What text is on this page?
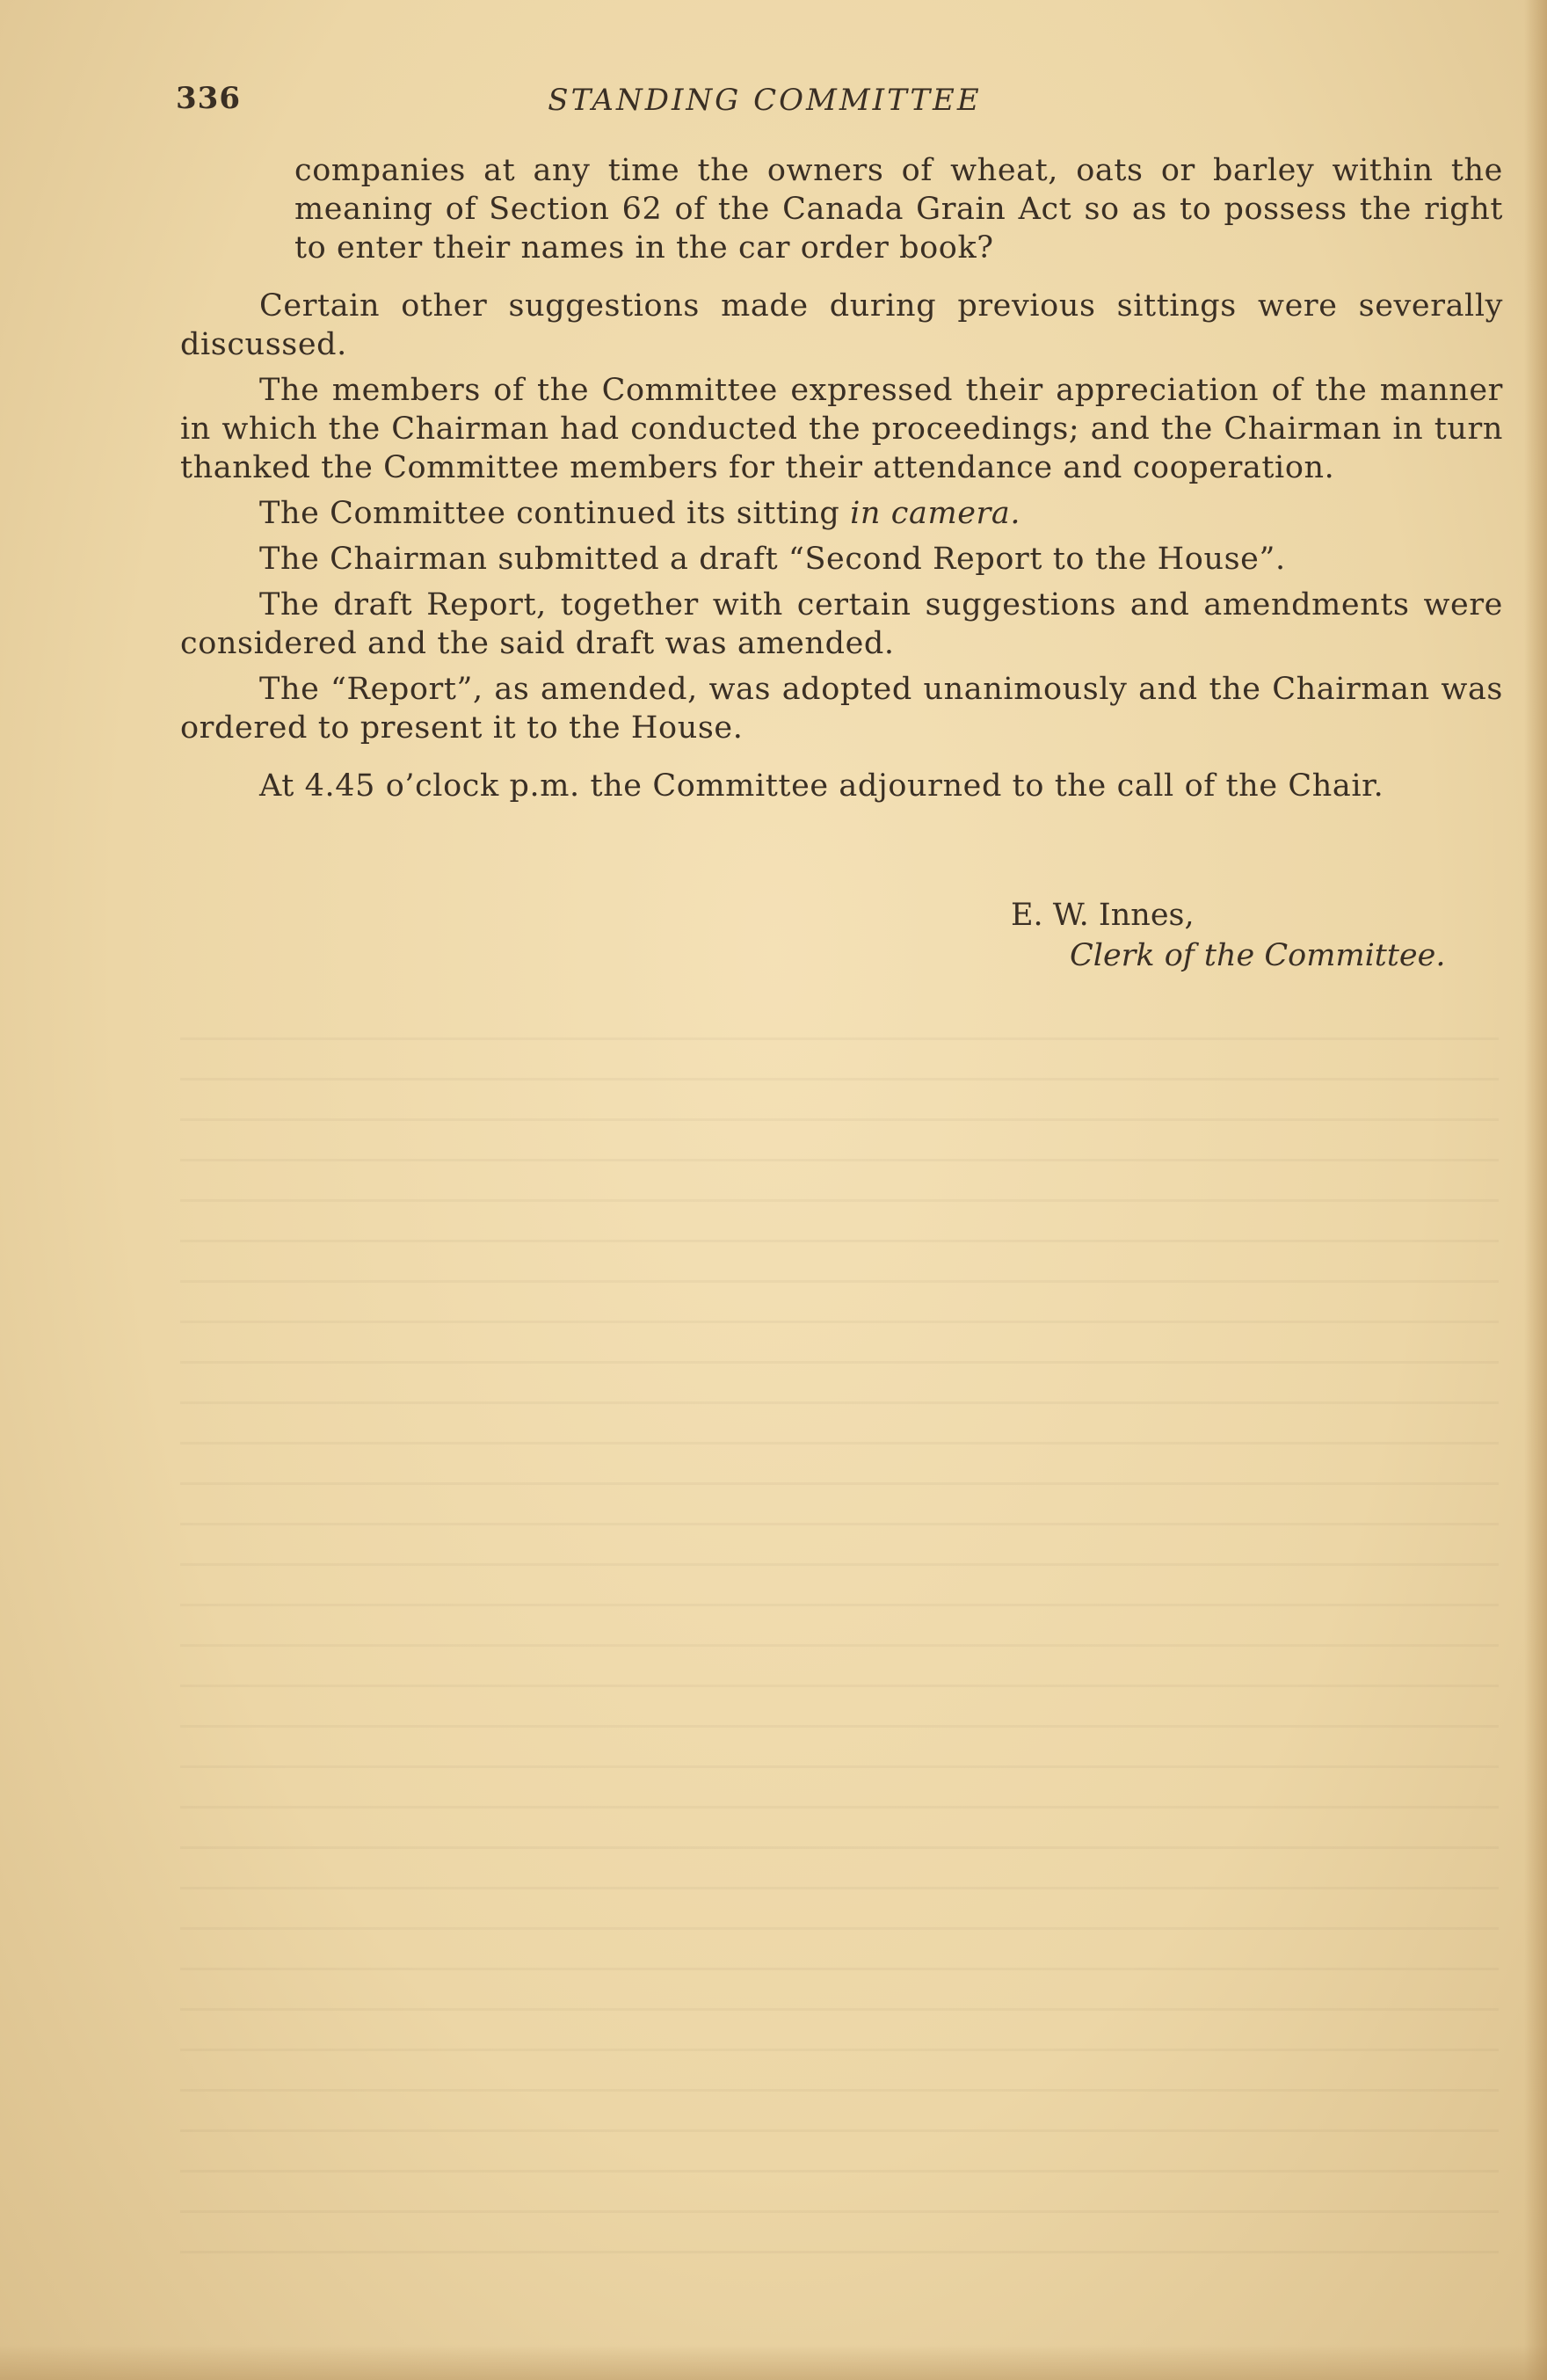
336	STANDING COMMITTEE

companies at any time the owners of wheat, oats or barley within the meaning of Section 62 of the Canada Grain Act so as to possess the right to enter their names in the car order book?

Certain other suggestions made during previous sittings were severally discussed.

The members of the Committee expressed their appreciation of the manner in which the Chairman had conducted the proceedings; and the Chairman in turn thanked the Committee members for their attendance and cooperation.

The Committee continued its sitting in camera.

The Chairman submitted a draft “Second Report to the House”.

The draft Report, together with certain suggestions and amendments were considered and the said draft was amended.

The “Report”, as amended, was adopted unanimously and the Chairman was ordered to present it to the House.

At 4.45 o’clock p.m. the Committee adjourned to the call of the Chair.

E. W. Innes,
Clerk of the Committee.
